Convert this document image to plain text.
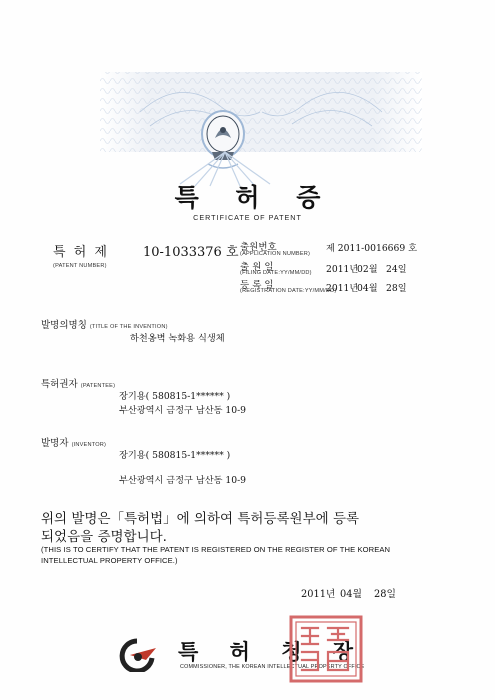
특 허 증
CERTIFICATE OF PATENT
특 허 제	10-1033376 호
(PATENT NUMBER)
출원번호
(APPLICATION NUMBER) 제 2011-0016669 호
출 원 일
(FILING DATE:YY/MM/DD) 2011년
02월 24일
등 록 일
(REGISTRATION DATE:YY/MM/DD)
2011년
04월 28일
발명의명칭 (TITLE OF THE INVENTION)
하천옹벽 녹화용 식생체
특허권자 (PATENTEE)
장기용( 580815-1****** )
부산광역시 금정구 남산동 10-9
발명자 (INVENTOR)
장기용( 580815-1****** )
부산광역시 금정구 남산동 10-9
위의 발명은「특허법」에 의하여 특허등록원부에 등록
되었음을 증명합니다.
(THIS IS TO CERTIFY THAT THE PATENT IS REGISTERED ON THE REGISTER OF THE KOREAN
INTELLECTUAL PROPERTY OFFICE.)
2011년 04월 28일
특 허 청 장
COMMISSIONER, THE KOREAN INTELLECTUAL PROPERTY OFFICE
